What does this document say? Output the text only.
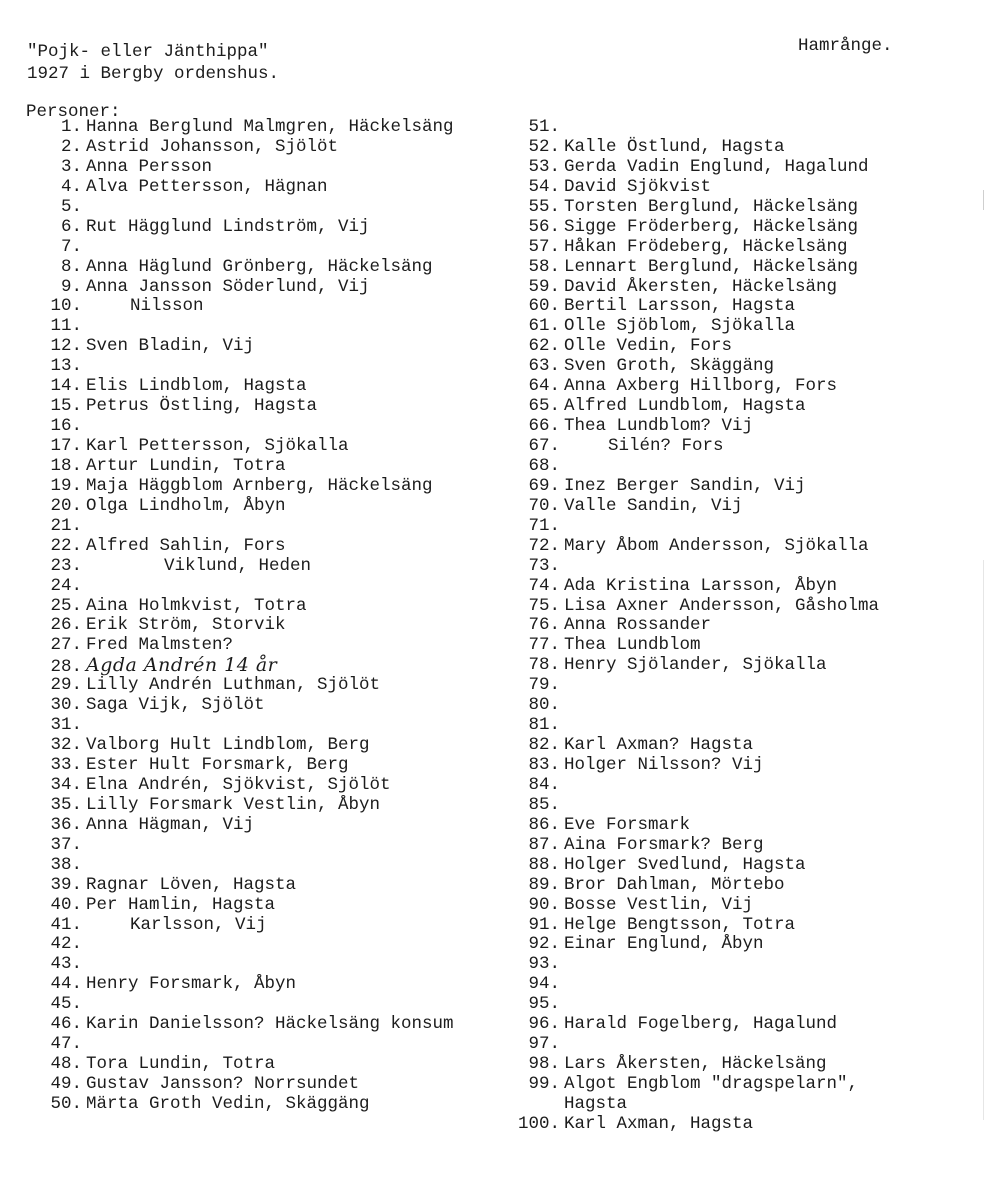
"Pojk- eller Jänthippa"
1927 i Bergby ordenshus.
Hamrånge.
Personer:
1. Hanna Berglund Malmgren, Häckelsäng
2. Astrid Johansson, Sjölöt
3. Anna Persson
4. Alva Pettersson, Hägnan
5.
6. Rut Hägglund Lindström, Vij
7.
8. Anna Häglund Grönberg, Häckelsäng
9. Anna Jansson Söderlund, Vij
10.	Nilsson
11.
12. Sven Bladin, Vij
13.
14. Elis Lindblom, Hagsta
15. Petrus Östling, Hagsta
16.
17. Karl Pettersson, Sjökalla
18. Artur Lundin, Totra
19. Maja Häggblom Arnberg, Häckelsäng
20. Olga Lindholm, Åbyn
21.
22. Alfred Sahlin, Fors
23.	Viklund, Heden
24.
25. Aina Holmkvist, Totra
26. Erik Ström, Storvik
27. Fred Malmsten?
28. Agda Andrén 14 år
29. Lilly Andrén Luthman, Sjölöt
30. Saga Vijk, Sjölöt
31.
32. Valborg Hult Lindblom, Berg
33. Ester Hult Forsmark, Berg
34. Elna Andrén, Sjökvist, Sjölöt
35. Lilly Forsmark Vestlin, Åbyn
36. Anna Hägman, Vij
37.
38.
39. Ragnar Löven, Hagsta
40. Per Hamlin, Hagsta
41.	Karlsson, Vij
42.
43.
44. Henry Forsmark, Åbyn
45.
46. Karin Danielsson? Häckelsäng konsum
47.
48. Tora Lundin, Totra
49. Gustav Jansson? Norrsundet
50. Märta Groth Vedin, Skäggäng
51.
52. Kalle Östlund, Hagsta
53. Gerda Vadin Englund, Hagalund
54. David Sjökvist
55. Torsten Berglund, Häckelsäng
56. Sigge Fröderberg, Häckelsäng
57. Håkan Frödeberg, Häckelsäng
58. Lennart Berglund, Häckelsäng
59. David Åkersten, Häckelsäng
60. Bertil Larsson, Hagsta
61. Olle Sjöblom, Sjökalla
62. Olle Vedin, Fors
63. Sven Groth, Skäggäng
64. Anna Axberg Hillborg, Fors
65. Alfred Lundblom, Hagsta
66. Thea Lundblom? Vij
67.	Silén? Fors
68.
69. Inez Berger Sandin, Vij
70. Valle Sandin, Vij
71.
72. Mary Åbom Andersson, Sjökalla
73.
74. Ada Kristina Larsson, Åbyn
75. Lisa Axner Andersson, Gåsholma
76. Anna Rossander
77. Thea Lundblom
78. Henry Sjölander, Sjökalla
79.
80.
81.
82. Karl Axman? Hagsta
83. Holger Nilsson? Vij
84.
85.
86. Eve Forsmark
87. Aina Forsmark? Berg
88. Holger Svedlund, Hagsta
89. Bror Dahlman, Mörtebo
90. Bosse Vestlin, Vij
91. Helge Bengtsson, Totra
92. Einar Englund, Åbyn
93.
94.
95.
96. Harald Fogelberg, Hagalund
97.
98. Lars Åkersten, Häckelsäng
99. Algot Engblom "dragspelarn",
Hagsta
100. Karl Axman, Hagsta
